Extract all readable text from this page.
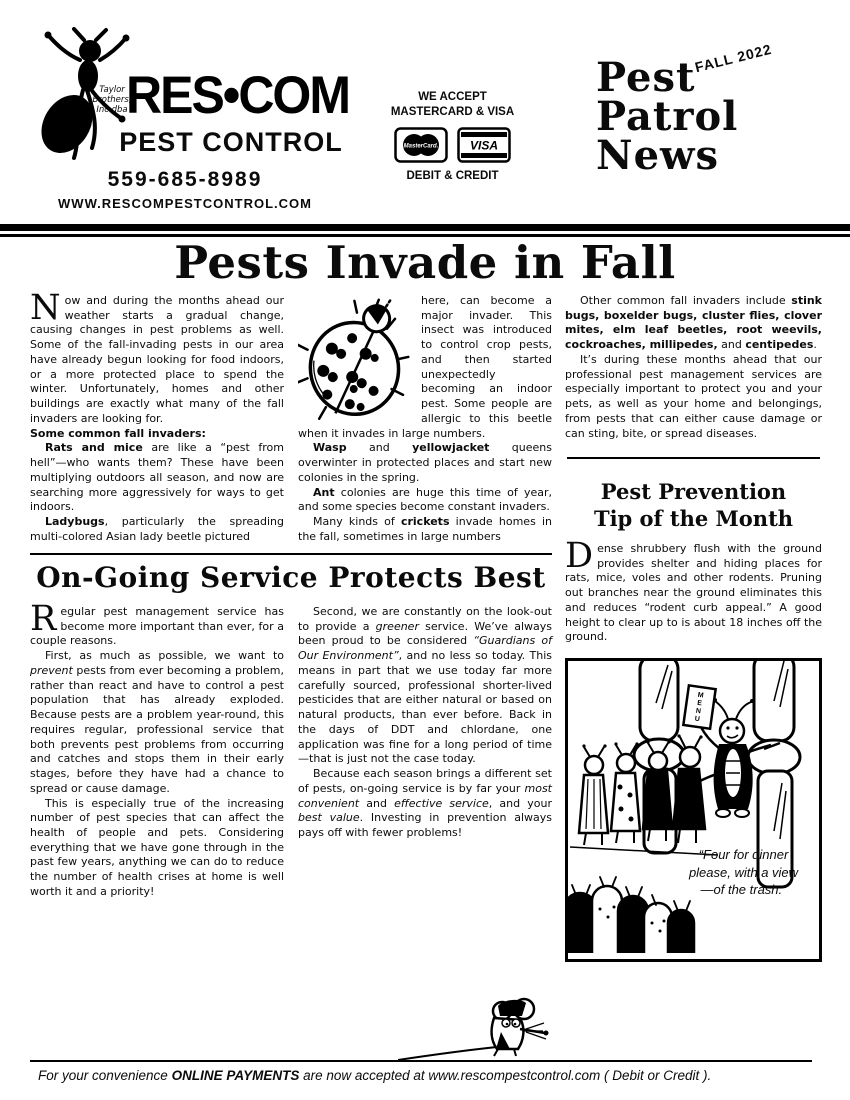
Taylor
Brothers,
Inc dba
RES•COM
PEST CONTROL
559-685-8989
WWW.RESCOMPESTCONTROL.COM
WE ACCEPT
MASTERCARD & VISA
MasterCard.	VISA
DEBIT & CREDIT
FALL 2022
Pest
Patrol
News
Pests Invade in Fall

Now and during the months ahead our weather starts a gradual change, causing changes in pest problems as well. Some of the fall-invading pests in our area have already begun looking for food indoors, or a more protected place to spend the winter. Unfortunately, homes and other buildings are exactly what many of the fall invaders are looking for.

Some common fall invaders:

Rats and mice are like a “pest from hell”—who wants them? These have been multiplying outdoors all season, and now are searching more aggressively for ways to get indoors.

Ladybugs, particularly the spreading multi-colored Asian lady beetle pictured

here, can become a major invader. This insect was introduced to control crop pests, and then started unexpectedly becoming an indoor pest. Some people are allergic to this beetle when it invades in large numbers.

Wasp and yellowjacket queens overwinter in protected places and start new colonies in the spring.

Ant colonies are huge this time of year, and some species become constant invaders.

Many kinds of crickets invade homes in the fall, sometimes in large numbers

On-Going Service Protects Best

Regular pest management service has become more important than ever, for a couple reasons.

First, as much as possible, we want to prevent pests from ever becoming a problem, rather than react and have to control a pest population that has already exploded. Because pests are a problem year-round, this requires regular, professional service that both prevents pest problems from occurring and catches and stops them in their early stages, before they have had a chance to spread or cause damage.

This is especially true of the increasing number of pest species that can affect the health of people and pets. Considering everything that we have gone through in the past few years, anything we can do to reduce the number of health crises at home is well worth it and a priority!

Second, we are constantly on the look-out to provide a greener service. We’ve always been proud to be considered “Guardians of Our Environment”, and no less so today. This means in part that we use today far more carefully sourced, professional shorter-lived pesticides that are either natural or based on natural products, than ever before. Back in the days of DDT and chlordane, one application was fine for a long period of time—that is just not the case today.

Because each season brings a different set of pests, on-going service is by far your most convenient and effective service, and your best value. Investing in prevention always pays off with fewer problems!

Other common fall invaders include stink bugs, boxelder bugs, cluster flies, clover mites, elm leaf beetles, root weevils, cockroaches, millipedes, and centipedes.

It’s during these months ahead that our professional pest management services are especially important to protect you and your pets, as well as your home and belongings, from pests that can either cause damage or can sting, bite, or spread diseases.

Pest Prevention
Tip of the Month

Dense shrubbery flush with the ground provides shelter and hiding places for rats, mice, voles and other rodents. Pruning out branches near the ground eliminates this and reduces “rodent curb appeal.” A good height to clear up to is about 18 inches off the ground.

M
E
N
U
“Four for dinner
please, with a view
—of the trash.”
For your convenience ONLINE PAYMENTS are now accepted at www.rescompestcontrol.com ( Debit or Credit ).
